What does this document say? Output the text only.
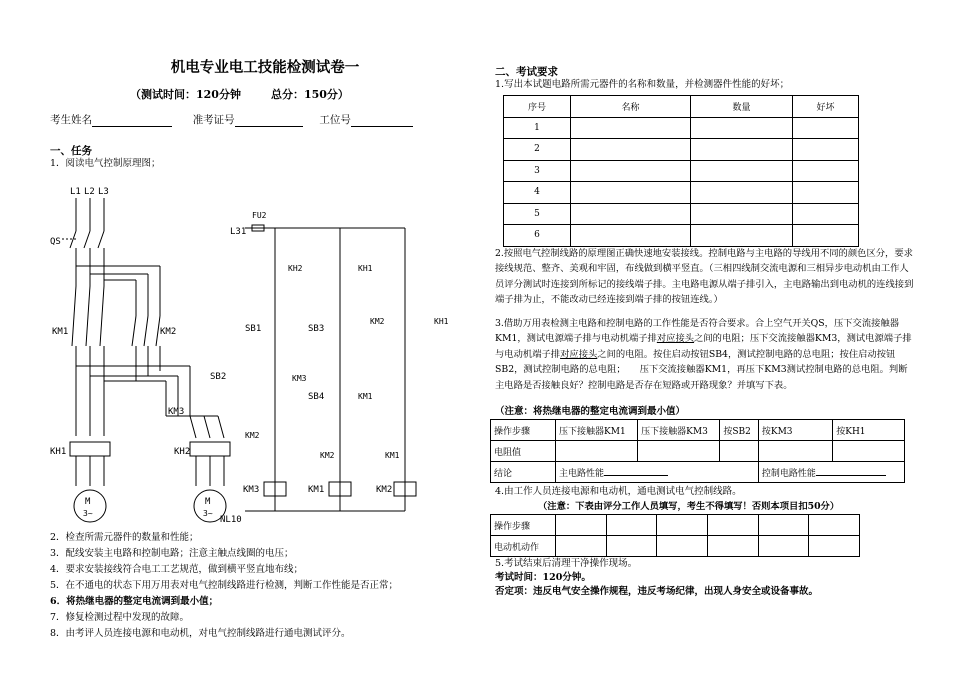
机电专业电工技能检测试卷一
（测试时间：120分钟	总分：150分）
考生姓名	准考证号	工位号
一、任务
1．阅读电气控制原理图；
L1 L2 L3
QS
KM1	KM2
KM3
KH1	KH2
M
3~
M
3~
L31
FU2
KH2	KH1
SB1	SB3
KM2	KH1
SB2	KM3
SB4	KM1
KM2
KM2	KM1
KM3	KM1	KM2
NL10
2．检查所需元器件的数量和性能；
3．配线安装主电路和控制电路；注意主触点线圈的电压；
4．要求安装接线符合电工工艺规范，做到横平竖直地布线；
5．在不通电的状态下用万用表对电气控制线路进行检测，判断工作性能是否正常；
6．将热继电器的整定电流调到最小值；
7．修复检测过程中发现的故障。
8．由考评人员连接电源和电动机，对电气控制线路进行通电测试评分。
二、考试要求
1.写出本试题电路所需元器件的名称和数量，并检测器件性能的好坏；
序号	名称	数量	好坏
1			
2			
3			
4			
5			
6			
2.按照电气控制线路的原理图正确快速地安装接线。控制电路与主电路的导线用不同的颜色区分，要求接线规范、整齐、美观和牢固，布线做到横平竖直。（三相四线制交流电源和三相异步电动机由工作人员评分测试时连接到所标记的接线端子排。主电路电源从端子排引入，主电路输出到电动机的连线接到端子排为止，不能改动已经连接到端子排的按钮连线。）
3.借助万用表检测主电路和控制电路的工作性能是否符合要求。合上空气开关QS，压下交流接触器KM1，测试电源端子排与电动机端子排对应接头之间的电阻；压下交流接触器KM3，测试电源端子排与电动机端子排对应接头之间的电阻。按住启动按钮SB4，测试控制电路的总电阻；按住启动按钮SB2，测试控制电路的总电阻；　　压下交流接触器KM1，再压下KM3测试控制电路的总电阻。判断主电路是否接触良好？控制电路是否存在短路或开路现象？并填写下表。
（注意：将热继电器的整定电流调到最小值）
操作步骤	压下接触器KM1	压下接触器KM3	按SB2	按KM3	按KH1
电阻值					
结论	主电路性能			控制电路性能	
4.由工作人员连接电源和电动机，通电测试电气控制线路。
（注意：下表由评分工作人员填写，考生不得填写！否则本项目扣50分）
操作步骤						
电动机动作						
5.考试结束后清理干净操作现场。
考试时间：120分钟。
否定项：违反电气安全操作规程，违反考场纪律，出现人身安全或设备事故。
